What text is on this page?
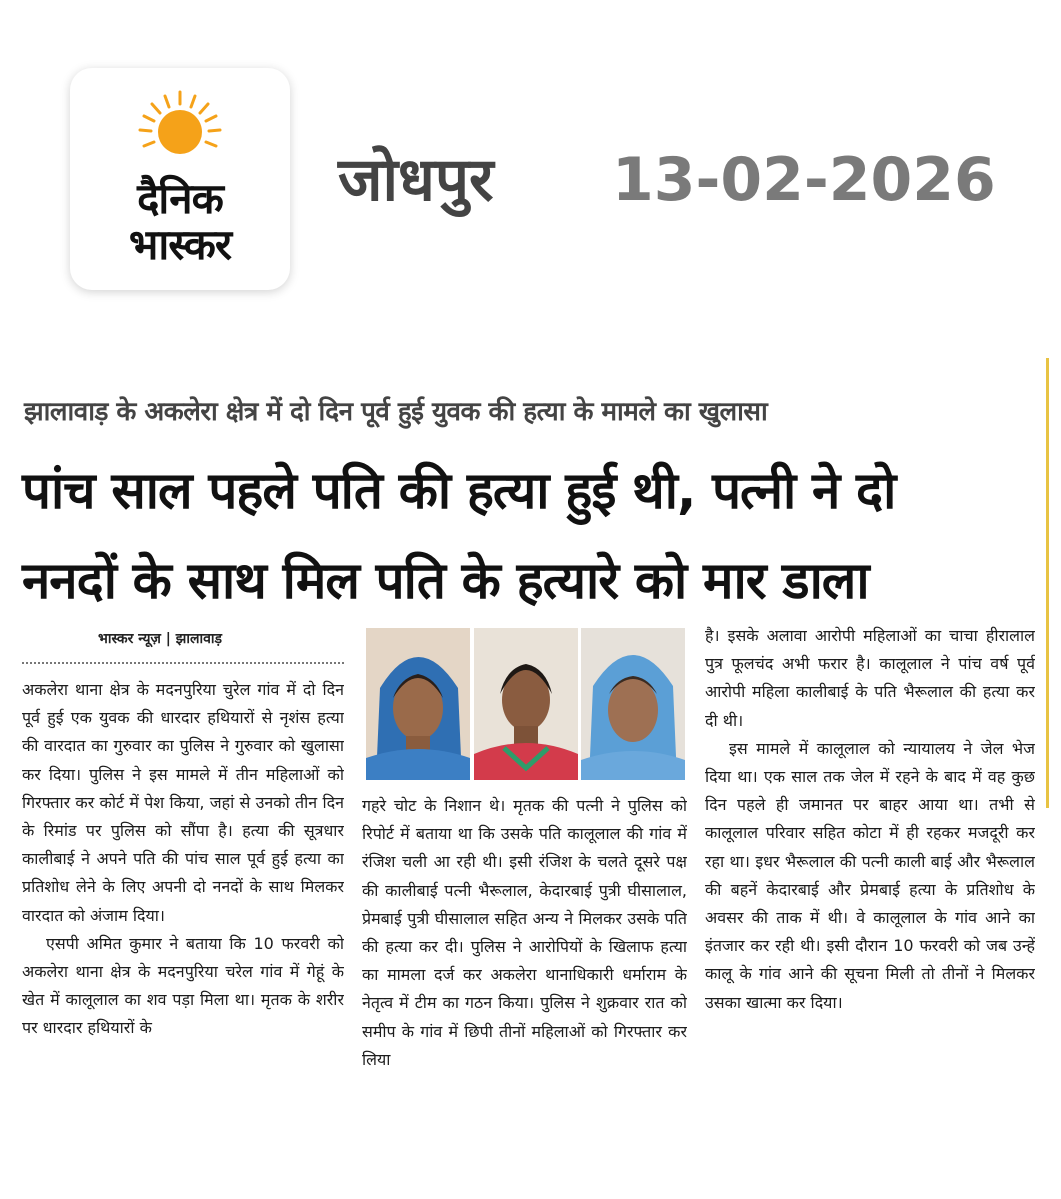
दैनिक
भास्कर
जोधपुर 13-02-2026
झालावाड़ के अकलेरा क्षेत्र में दो दिन पूर्व हुई युवक की हत्या के मामले का खुलासा
पांच साल पहले पति की हत्या हुई थी, पत्नी ने दो
ननदों के साथ मिल पति के हत्यारे को मार डाला
भास्कर न्यूज़ | झालावाड़

अकलेरा थाना क्षेत्र के मदनपुरिया चुरेल गांव में दो दिन पूर्व हुई एक युवक की धारदार हथियारों से नृशंस हत्या की वारदात का गुरुवार का पुलिस ने गुरुवार को खुलासा कर दिया। पुलिस ने इस मामले में तीन महिलाओं को गिरफ्तार कर कोर्ट में पेश किया, जहां से उनको तीन दिन के रिमांड पर पुलिस को सौंपा है। हत्या की सूत्रधार कालीबाई ने अपने पति की पांच साल पूर्व हुई हत्या का प्रतिशोध लेने के लिए अपनी दो ननदों के साथ मिलकर वारदात को अंजाम दिया।

एसपी अमित कुमार ने बताया कि 10 फरवरी को अकलेरा थाना क्षेत्र के मदनपुरिया चरेल गांव में गेहूं के खेत में कालूलाल का शव पड़ा मिला था। मृतक के शरीर पर धारदार हथियारों के

गहरे चोट के निशान थे। मृतक की पत्नी ने पुलिस को रिपोर्ट में बताया था कि उसके पति कालूलाल की गांव में रंजिश चली आ रही थी। इसी रंजिश के चलते दूसरे पक्ष की कालीबाई पत्नी भैरूलाल, केदारबाई पुत्री घीसालाल, प्रेमबाई पुत्री घीसालाल सहित अन्य ने मिलकर उसके पति की हत्या कर दी। पुलिस ने आरोपियों के खिलाफ हत्या का मामला दर्ज कर अकलेरा थानाधिकारी धर्माराम के नेतृत्व में टीम का गठन किया। पुलिस ने शुक्रवार रात को समीप के गांव में छिपी तीनों महिलाओं को गिरफ्तार कर लिया

है। इसके अलावा आरोपी महिलाओं का चाचा हीरालाल पुत्र फूलचंद अभी फरार है। कालूलाल ने पांच वर्ष पूर्व आरोपी महिला कालीबाई के पति भैरूलाल की हत्या कर दी थी।

इस मामले में कालूलाल को न्यायालय ने जेल भेज दिया था। एक साल तक जेल में रहने के बाद में वह कुछ दिन पहले ही जमानत पर बाहर आया था। तभी से कालूलाल परिवार सहित कोटा में ही रहकर मजदूरी कर रहा था। इधर भैरूलाल की पत्नी काली बाई और भैरूलाल की बहनें केदारबाई और प्रेमबाई हत्या के प्रतिशोध के अवसर की ताक में थी। वे कालूलाल के गांव आने का इंतजार कर रही थी। इसी दौरान 10 फरवरी को जब उन्हें कालू के गांव आने की सूचना मिली तो तीनों ने मिलकर उसका खात्मा कर दिया।
